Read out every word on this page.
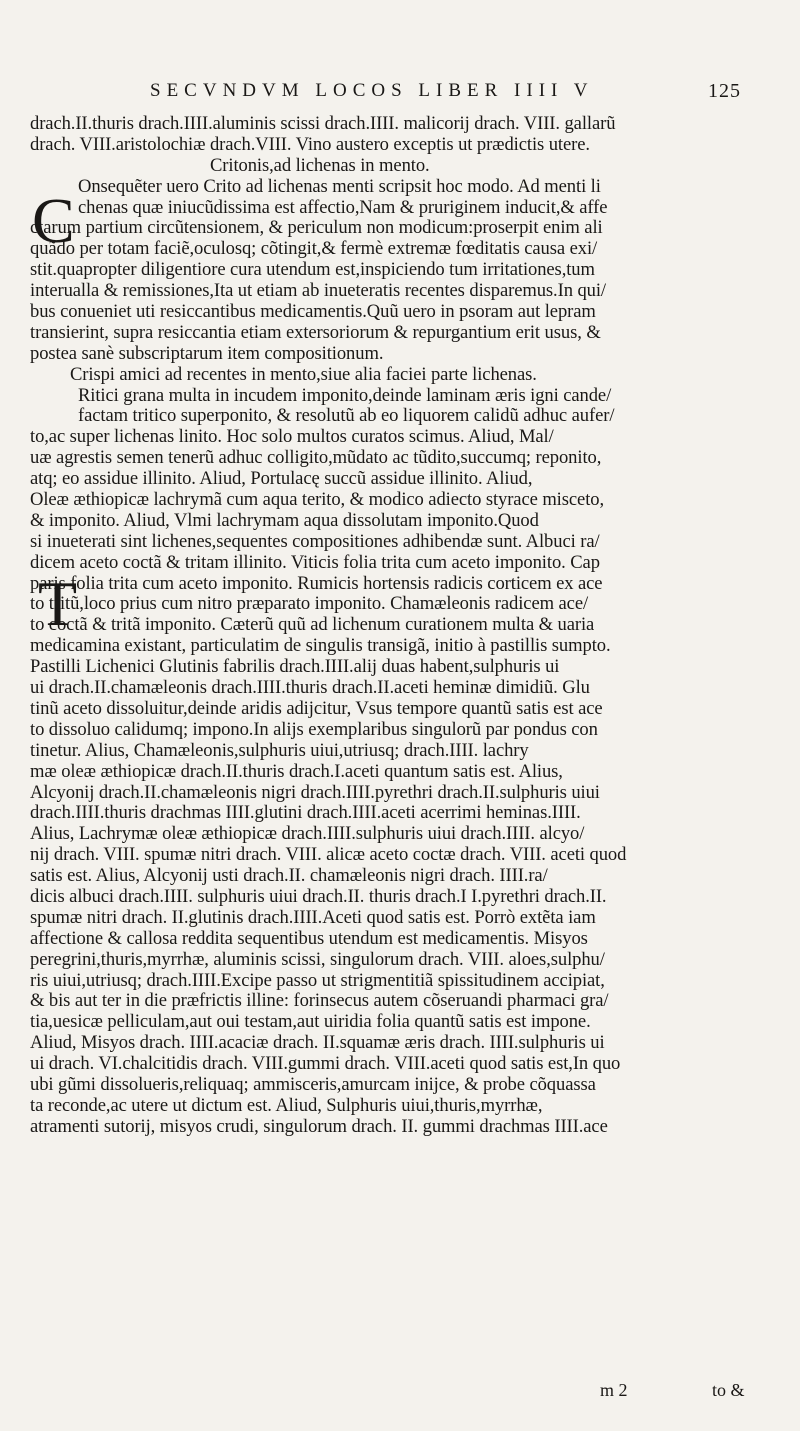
SECVNDVM LOCOS LIBER IIII V	125
C
T
drach.II.thuris drach.IIII.aluminis scissi drach.IIII. malicorij drach. VIII. gallarũ
drach. VIII.aristolochiæ drach.VIII. Vino austero exceptis ut prædictis utere.
Critonis,ad lichenas in mento.
Onsequẽter uero Crito ad lichenas menti scripsit hoc modo. Ad menti li
chenas quæ iniucũdissima est affectio,Nam & pruriginem inducit,& affe
ctarum partium circũtensionem, & periculum non modicum:proserpit enim ali
quãdo per totam faciẽ,oculosq; cõtingit,& fermè extremæ fœditatis causa exi/
stit.quapropter diligentiore cura utendum est,inspiciendo tum irritationes,tum
interualla & remissiones,Ita ut etiam ab inueteratis recentes disparemus.In qui/
bus conueniet uti resiccantibus medicamentis.Quũ uero in psoram aut lepram
transierint, supra resiccantia etiam extersoriorum & repurgantium erit usus, &
postea sanè subscriptarum item compositionum.
Crispi amici ad recentes in mento,siue alia faciei parte lichenas.
Ritici grana multa in incudem imponito,deinde laminam æris igni cande/
factam tritico superponito, & resolutũ ab eo liquorem calidũ adhuc aufer/
to,ac super lichenas linito. Hoc solo multos curatos scimus. Aliud, Mal/
uæ agrestis semen tenerũ adhuc colligito,mũdato ac tũdito,succumq; reponito,
atq; eo assidue illinito. Aliud, Portulacę succũ assidue illinito. Aliud,
Oleæ æthiopicæ lachrymã cum aqua terito, & modico adiecto styrace misceto,
& imponito. Aliud, Vlmi lachrymam aqua dissolutam imponito.Quod
si inueterati sint lichenes,sequentes compositiones adhibendæ sunt. Albuci ra/
dicem aceto coctã & tritam illinito. Viticis folia trita cum aceto imponito. Cap
paris folia trita cum aceto imponito. Rumicis hortensis radicis corticem ex ace
to tritũ,loco prius cum nitro præparato imponito. Chamæleonis radicem ace/
to coctã & tritã imponito. Cæterũ quũ ad lichenum curationem multa & uaria
medicamina existant, particulatim de singulis transigã, initio à pastillis sumpto.
Pastilli Lichenici Glutinis fabrilis drach.IIII.alij duas habent,sulphuris ui
ui drach.II.chamæleonis drach.IIII.thuris drach.II.aceti heminæ dimidiũ. Glu
tinũ aceto dissoluitur,deinde aridis adijcitur, Vsus tempore quantũ satis est ace
to dissoluo calidumq; impono.In alijs exemplaribus singulorũ par pondus con
tinetur. Alius, Chamæleonis,sulphuris uiui,utriusq; drach.IIII. lachry
mæ oleæ æthiopicæ drach.II.thuris drach.I.aceti quantum satis est. Alius,
Alcyonij drach.II.chamæleonis nigri drach.IIII.pyrethri drach.II.sulphuris uiui
drach.IIII.thuris drachmas IIII.glutini drach.IIII.aceti acerrimi heminas.IIII.
Alius, Lachrymæ oleæ æthiopicæ drach.IIII.sulphuris uiui drach.IIII. alcyo/
nij drach. VIII. spumæ nitri drach. VIII. alicæ aceto coctæ drach. VIII. aceti quod
satis est. Alius, Alcyonij usti drach.II. chamæleonis nigri drach. IIII.ra/
dicis albuci drach.IIII. sulphuris uiui drach.II. thuris drach.I I.pyrethri drach.II.
spumæ nitri drach. II.glutinis drach.IIII.Aceti quod satis est. Porrò extẽta iam
affectione & callosa reddita sequentibus utendum est medicamentis. Misyos
peregrini,thuris,myrrhæ, aluminis scissi, singulorum drach. VIII. aloes,sulphu/
ris uiui,utriusq; drach.IIII.Excipe passo ut strigmentitiã spissitudinem accipiat,
& bis aut ter in die præfrictis illine: forinsecus autem cõseruandi pharmaci gra/
tia,uesicæ pelliculam,aut oui testam,aut uiridia folia quantũ satis est impone.
Aliud, Misyos drach. IIII.acaciæ drach. II.squamæ æris drach. IIII.sulphuris ui
ui drach. VI.chalcitidis drach. VIII.gummi drach. VIII.aceti quod satis est,In quo
ubi gũmi dissolueris,reliquaq; ammisceris,amurcam inijce, & probe cõquassa
ta reconde,ac utere ut dictum est. Aliud, Sulphuris uiui,thuris,myrrhæ,
atramenti sutorij, misyos crudi, singulorum drach. II. gummi drachmas IIII.ace
m 2	to &
